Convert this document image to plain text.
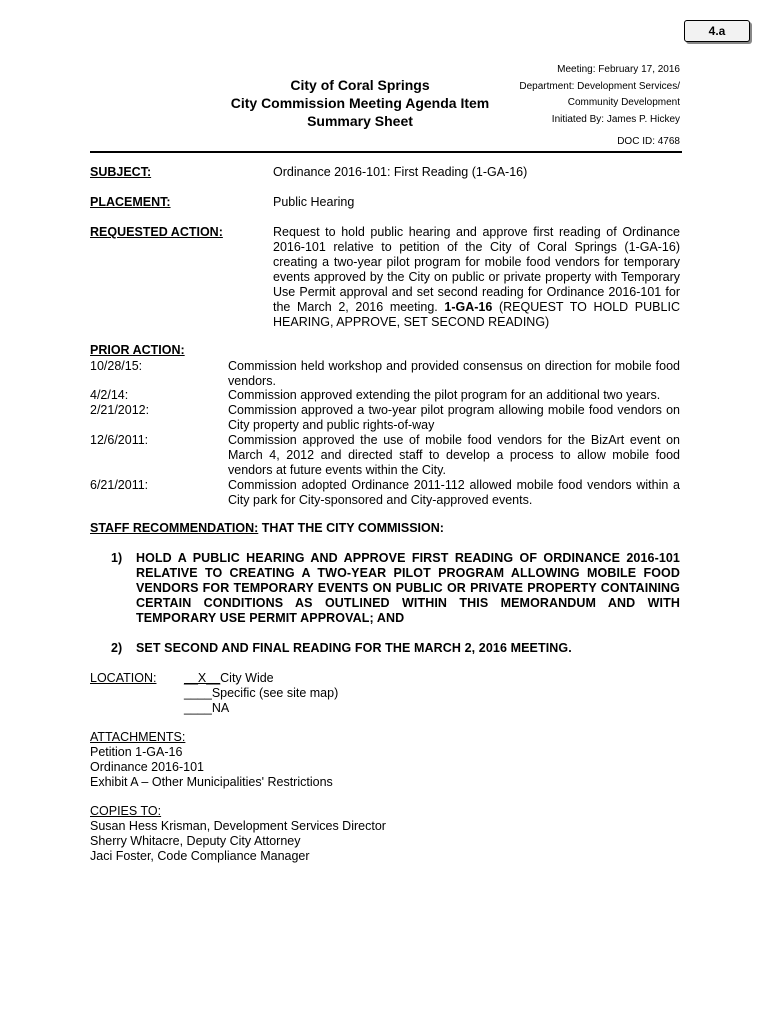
4.a
City of Coral Springs
City Commission Meeting Agenda Item
Summary Sheet
Meeting: February 17, 2016
Department: Development Services/
Community Development
Initiated By: James P. Hickey
DOC ID: 4768
SUBJECT:	Ordinance 2016-101: First Reading (1-GA-16)
PLACEMENT:	Public Hearing
REQUESTED ACTION:	Request to hold public hearing and approve first reading of Ordinance 2016-101 relative to petition of the City of Coral Springs (1-GA-16) creating a two-year pilot program for mobile food vendors for temporary events approved by the City on public or private property with Temporary Use Permit approval and set second reading for Ordinance 2016-101 for the March 2, 2016 meeting. 1-GA-16 (REQUEST TO HOLD PUBLIC HEARING, APPROVE, SET SECOND READING)
PRIOR ACTION:
10/28/15:	Commission held workshop and provided consensus on direction for mobile food vendors.
4/2/14:	Commission approved extending the pilot program for an additional two years.
2/21/2012:	Commission approved a two-year pilot program allowing mobile food vendors on City property and public rights-of-way
12/6/2011:	Commission approved the use of mobile food vendors for the BizArt event on March 4, 2012 and directed staff to develop a process to allow mobile food vendors at future events within the City.
6/21/2011:	Commission adopted Ordinance 2011-112 allowed mobile food vendors within a City park for City-sponsored and City-approved events.
STAFF RECOMMENDATION: THAT THE CITY COMMISSION:
1) HOLD A PUBLIC HEARING AND APPROVE FIRST READING OF ORDINANCE 2016-101 RELATIVE TO CREATING A TWO-YEAR PILOT PROGRAM ALLOWING MOBILE FOOD VENDORS FOR TEMPORARY EVENTS ON PUBLIC OR PRIVATE PROPERTY CONTAINING CERTAIN CONDITIONS AS OUTLINED WITHIN THIS MEMORANDUM AND WITH TEMPORARY USE PERMIT APPROVAL; AND
2) SET SECOND AND FINAL READING FOR THE MARCH 2, 2016 MEETING.
LOCATION: __X__City Wide
____Specific (see site map)
____NA
ATTACHMENTS:
Petition 1-GA-16
Ordinance 2016-101
Exhibit A – Other Municipalities' Restrictions
COPIES TO:
Susan Hess Krisman, Development Services Director
Sherry Whitacre, Deputy City Attorney
Jaci Foster, Code Compliance Manager
